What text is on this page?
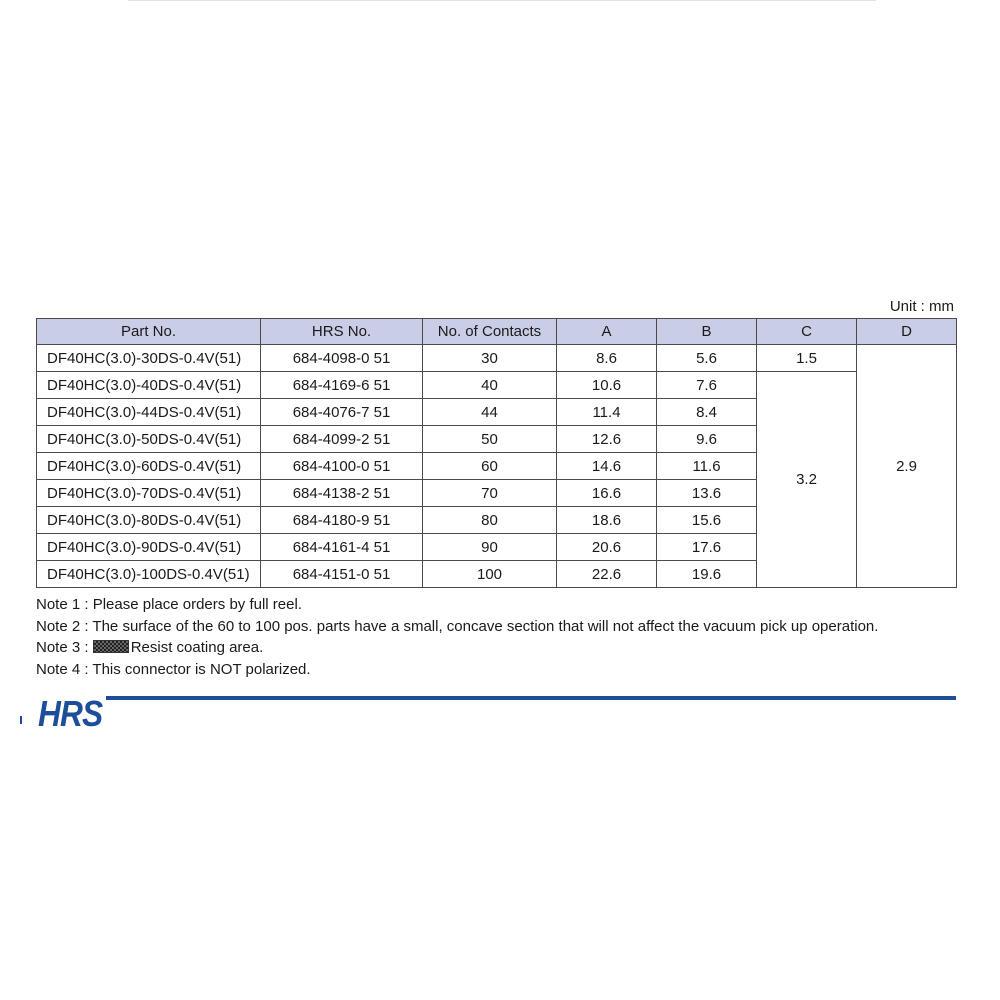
Unit : mm
Part No.	HRS No.	No. of Contacts	A	B	C	D
DF40HC(3.0)-30DS-0.4V(51)	684-4098-0 51	30	8.6	5.6	1.5	2.9
DF40HC(3.0)-40DS-0.4V(51)	684-4169-6 51	40	10.6	7.6	3.2	
DF40HC(3.0)-44DS-0.4V(51)	684-4076-7 51	44	11.4	8.4		
DF40HC(3.0)-50DS-0.4V(51)	684-4099-2 51	50	12.6	9.6		
DF40HC(3.0)-60DS-0.4V(51)	684-4100-0 51	60	14.6	11.6		
DF40HC(3.0)-70DS-0.4V(51)	684-4138-2 51	70	16.6	13.6		
DF40HC(3.0)-80DS-0.4V(51)	684-4180-9 51	80	18.6	15.6		
DF40HC(3.0)-90DS-0.4V(51)	684-4161-4 51	90	20.6	17.6		
DF40HC(3.0)-100DS-0.4V(51)	684-4151-0 51	100	22.6	19.6		
Note 1 : Please place orders by full reel.
Note 2 : The surface of the 60 to 100 pos. parts have a small, concave section that will not affect the vacuum pick up operation.
Note 3 :	Resist coating area.
Note 4 : This connector is NOT polarized.
HRS
